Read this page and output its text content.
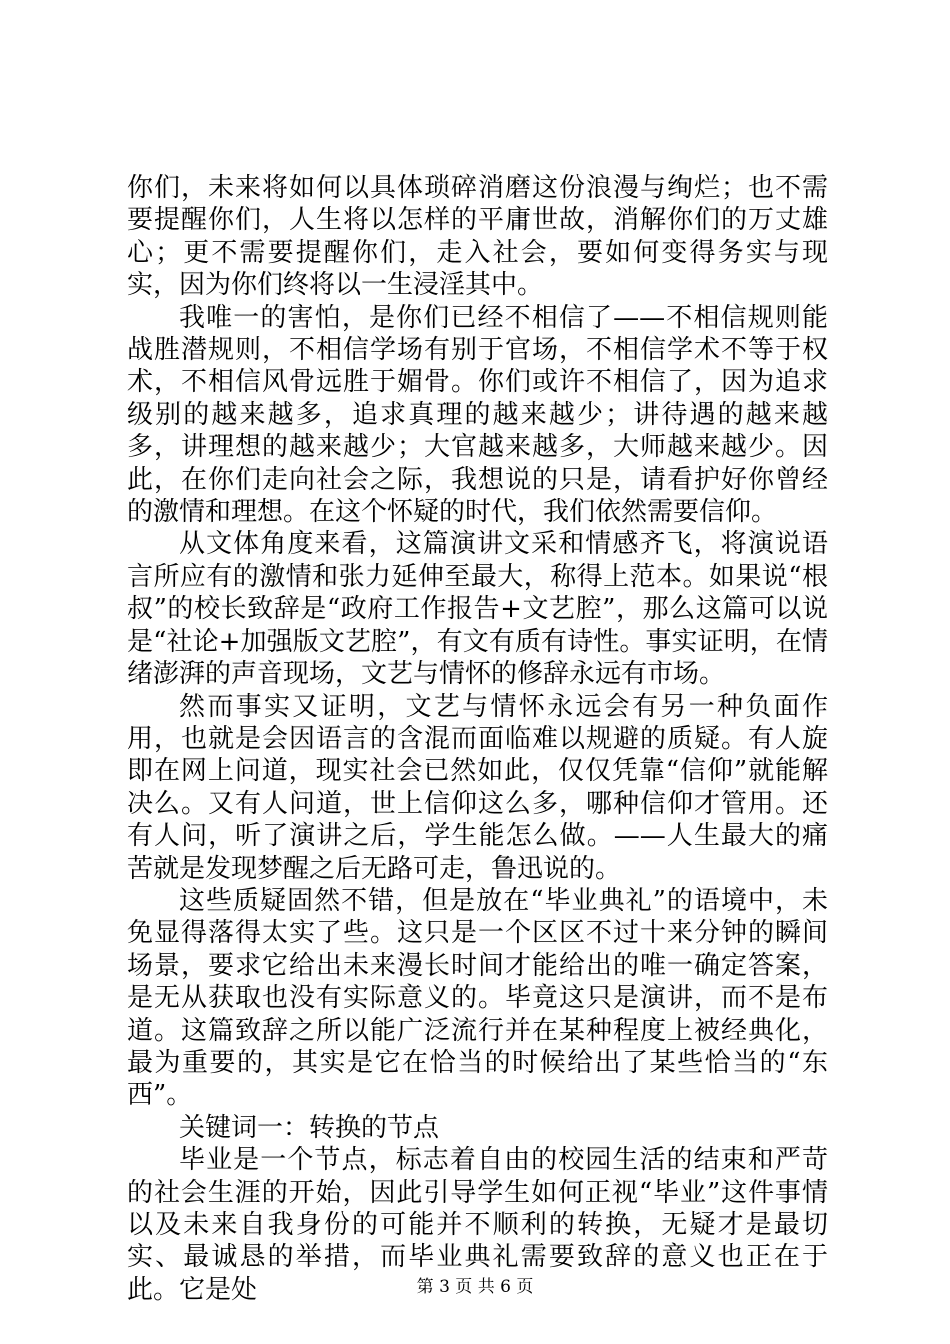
你们，未来将如何以具体琐碎消磨这份浪漫与绚烂；也不需要提醒你们，人生将以怎样的平庸世故，消解你们的万丈雄心；更不需要提醒你们，走入社会，要如何变得务实与现实，因为你们终将以一生浸淫其中。

我唯一的害怕，是你们已经不相信了——不相信规则能战胜潜规则，不相信学场有别于官场，不相信学术不等于权术，不相信风骨远胜于媚骨。你们或许不相信了，因为追求级别的越来越多，追求真理的越来越少；讲待遇的越来越多，讲理想的越来越少；大官越来越多，大师越来越少。因此，在你们走向社会之际，我想说的只是，请看护好你曾经的激情和理想。在这个怀疑的时代，我们依然需要信仰。

从文体角度来看，这篇演讲文采和情感齐飞，将演说语言所应有的激情和张力延伸至最大，称得上范本。如果说“根叔”的校长致辞是“政府工作报告+文艺腔”，那么这篇可以说是“社论+加强版文艺腔”，有文有质有诗性。事实证明，在情绪澎湃的声音现场，文艺与情怀的修辞永远有市场。

然而事实又证明，文艺与情怀永远会有另一种负面作用，也就是会因语言的含混而面临难以规避的质疑。有人旋即在网上问道，现实社会已然如此，仅仅凭靠“信仰”就能解决么。又有人问道，世上信仰这么多，哪种信仰才管用。还有人问，听了演讲之后，学生能怎么做。——人生最大的痛苦就是发现梦醒之后无路可走，鲁迅说的。

这些质疑固然不错，但是放在“毕业典礼”的语境中，未免显得落得太实了些。这只是一个区区不过十来分钟的瞬间场景，要求它给出未来漫长时间才能给出的唯一确定答案，是无从获取也没有实际意义的。毕竟这只是演讲，而不是布道。这篇致辞之所以能广泛流行并在某种程度上被经典化，最为重要的，其实是它在恰当的时候给出了某些恰当的“东西”。

关键词一：转换的节点

毕业是一个节点，标志着自由的校园生活的结束和严苛的社会生涯的开始，因此引导学生如何正视“毕业”这件事情以及未来自我身份的可能并不顺利的转换，无疑才是最切实、最诚恳的举措，而毕业典礼需要致辞的意义也正在于此。它是处	第 3 页 共 6 页
